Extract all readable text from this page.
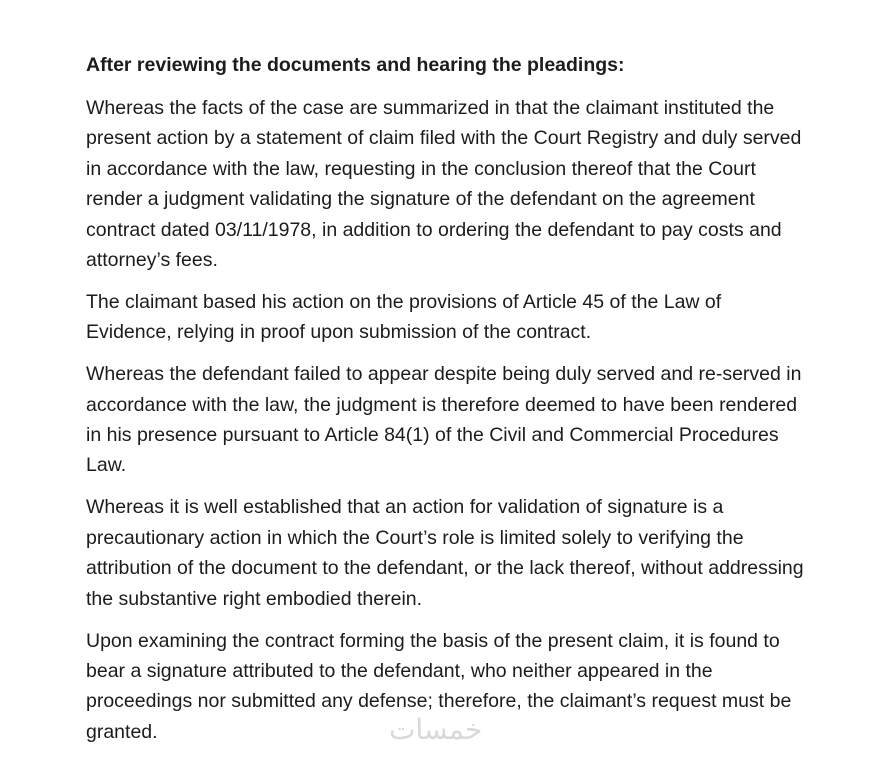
After reviewing the documents and hearing the pleadings:

Whereas the facts of the case are summarized in that the claimant instituted the present action by a statement of claim filed with the Court Registry and duly served in accordance with the law, requesting in the conclusion thereof that the Court render a judgment validating the signature of the defendant on the agreement contract dated 03/11/1978, in addition to ordering the defendant to pay costs and attorney’s fees.

The claimant based his action on the provisions of Article 45 of the Law of Evidence, relying in proof upon submission of the contract.

Whereas the defendant failed to appear despite being duly served and re-served in accordance with the law, the judgment is therefore deemed to have been rendered in his presence pursuant to Article 84(1) of the Civil and Commercial Procedures Law.

Whereas it is well established that an action for validation of signature is a precautionary action in which the Court’s role is limited solely to verifying the attribution of the document to the defendant, or the lack thereof, without addressing the substantive right embodied therein.

Upon examining the contract forming the basis of the present claim, it is found to bear a signature attributed to the defendant, who neither appeared in the proceedings nor submitted any defense; therefore, the claimant’s request must be granted.	خمسات
